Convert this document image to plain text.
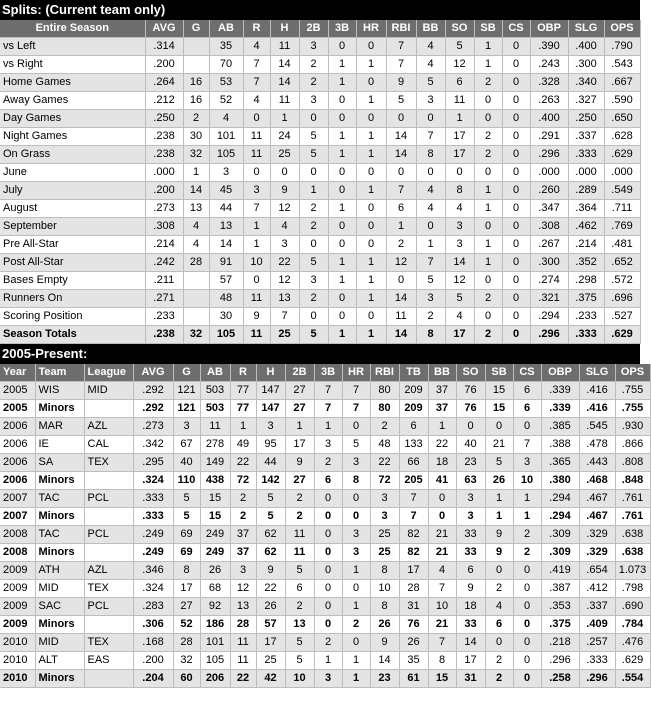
Splits: (Current team only)
Entire Season	AVG	G	AB	R	H	2B	3B	HR	RBI	BB	SO	SB	CS	OBP	SLG	OPS
vs Left	.314		35	4	11	3	0	0	7	4	5	1	0	.390	.400	.790
vs Right	.200		70	7	14	2	1	1	7	4	12	1	0	.243	.300	.543
Home Games	.264	16	53	7	14	2	1	0	9	5	6	2	0	.328	.340	.667
Away Games	.212	16	52	4	11	3	0	1	5	3	11	0	0	.263	.327	.590
Day Games	.250	2	4	0	1	0	0	0	0	0	1	0	0	.400	.250	.650
Night Games	.238	30	101	11	24	5	1	1	14	7	17	2	0	.291	.337	.628
On Grass	.238	32	105	11	25	5	1	1	14	8	17	2	0	.296	.333	.629
June	.000	1	3	0	0	0	0	0	0	0	0	0	0	.000	.000	.000
July	.200	14	45	3	9	1	0	1	7	4	8	1	0	.260	.289	.549
August	.273	13	44	7	12	2	1	0	6	4	4	1	0	.347	.364	.711
September	.308	4	13	1	4	2	0	0	1	0	3	0	0	.308	.462	.769
Pre All-Star	.214	4	14	1	3	0	0	0	2	1	3	1	0	.267	.214	.481
Post All-Star	.242	28	91	10	22	5	1	1	12	7	14	1	0	.300	.352	.652
Bases Empty	.211		57	0	12	3	1	1	0	5	12	0	0	.274	.298	.572
Runners On	.271		48	11	13	2	0	1	14	3	5	2	0	.321	.375	.696
Scoring Position	.233		30	9	7	0	0	0	11	2	4	0	0	.294	.233	.527
Season Totals	.238	32	105	11	25	5	1	1	14	8	17	2	0	.296	.333	.629
2005-Present:
Year	Team	League	AVG	G	AB	R	H	2B	3B	HR	RBI	TB	BB	SO	SB	CS	OBP	SLG	OPS
2005	WIS	MID	.292	121	503	77	147	27	7	7	80	209	37	76	15	6	.339	.416	.755
2005	Minors		.292	121	503	77	147	27	7	7	80	209	37	76	15	6	.339	.416	.755
2006	MAR	AZL	.273	3	11	1	3	1	1	0	2	6	1	0	0	0	.385	.545	.930
2006	IE	CAL	.342	67	278	49	95	17	3	5	48	133	22	40	21	7	.388	.478	.866
2006	SA	TEX	.295	40	149	22	44	9	2	3	22	66	18	23	5	3	.365	.443	.808
2006	Minors		.324	110	438	72	142	27	6	8	72	205	41	63	26	10	.380	.468	.848
2007	TAC	PCL	.333	5	15	2	5	2	0	0	3	7	0	3	1	1	.294	.467	.761
2007	Minors		.333	5	15	2	5	2	0	0	3	7	0	3	1	1	.294	.467	.761
2008	TAC	PCL	.249	69	249	37	62	11	0	3	25	82	21	33	9	2	.309	.329	.638
2008	Minors		.249	69	249	37	62	11	0	3	25	82	21	33	9	2	.309	.329	.638
2009	ATH	AZL	.346	8	26	3	9	5	0	1	8	17	4	6	0	0	.419	.654	1.073
2009	MID	TEX	.324	17	68	12	22	6	0	0	10	28	7	9	2	0	.387	.412	.798
2009	SAC	PCL	.283	27	92	13	26	2	0	1	8	31	10	18	4	0	.353	.337	.690
2009	Minors		.306	52	186	28	57	13	0	2	26	76	21	33	6	0	.375	.409	.784
2010	MID	TEX	.168	28	101	11	17	5	2	0	9	26	7	14	0	0	.218	.257	.476
2010	ALT	EAS	.200	32	105	11	25	5	1	1	14	35	8	17	2	0	.296	.333	.629
2010	Minors		.204	60	206	22	42	10	3	1	23	61	15	31	2	0	.258	.296	.554
